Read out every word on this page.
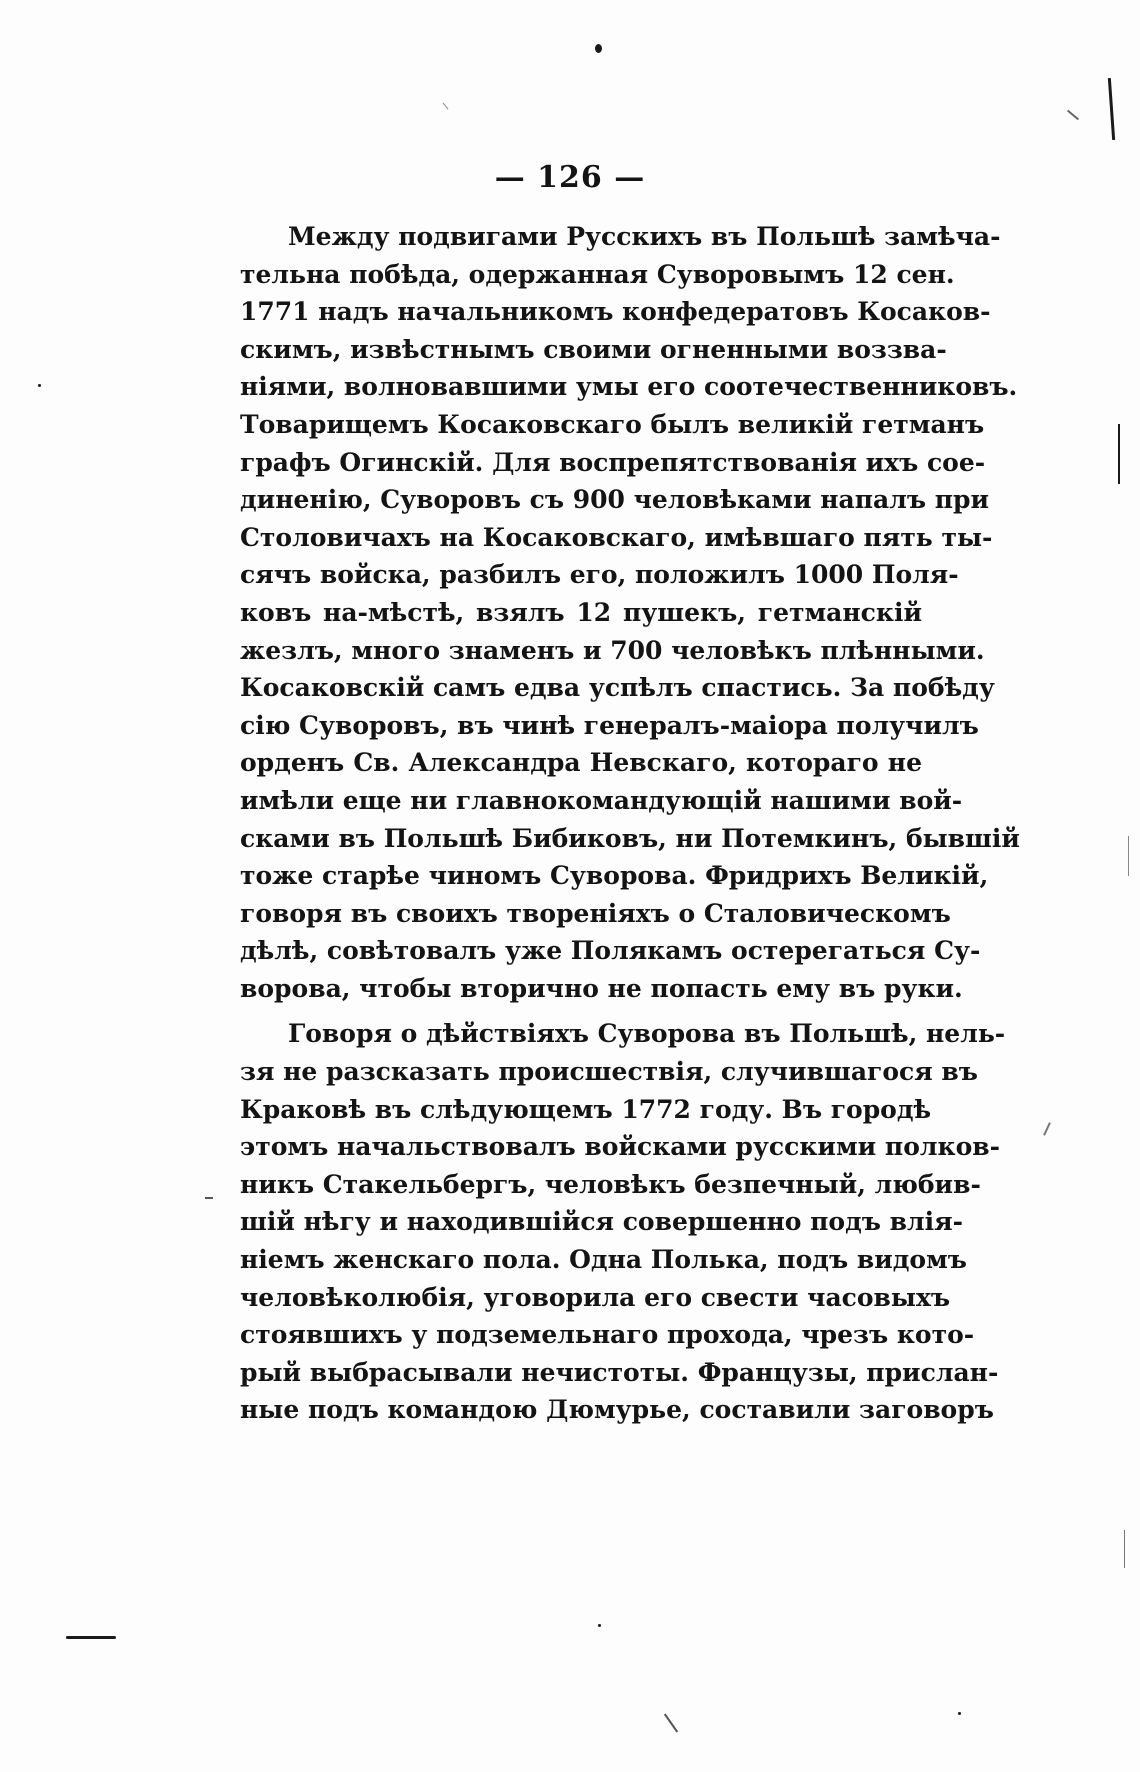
— 126 —
Между подвигами Русскихъ въ Польшѣ замѣча-
тельна побѣда, одержанная Суворовымъ 12 сен.
1771 надъ начальникомъ конфедератовъ Косаков-
скимъ, извѣстнымъ своими огненными воззва-
ніями, волновавшими умы его соотечественниковъ.
Товарищемъ Косаковскаго былъ великій гетманъ
графъ Огинскій. Для воспрепятствованія ихъ сое-
диненію, Суворовъ съ 900 человѣками напалъ при
Столовичахъ на Косаковскаго, имѣвшаго пять ты-
сячъ войска, разбилъ его, положилъ 1000 Поля-
ковъ на-мѣстѣ, взялъ 12 пушекъ, гетманскій
жезлъ, много знаменъ и 700 человѣкъ плѣнными.
Косаковскій самъ едва успѣлъ спастись. За побѣду
сію Суворовъ, въ чинѣ генералъ-маіора получилъ
орденъ Св. Александра Невскаго, котораго не
имѣли еще ни главнокомандующій нашими вой-
сками въ Польшѣ Бибиковъ, ни Потемкинъ, бывшій
тоже старѣе чиномъ Суворова. Фридрихъ Великій,
говоря въ своихъ твореніяхъ о Сталовическомъ
дѣлѣ, совѣтовалъ уже Полякамъ остерегаться Су-
ворова, чтобы вторично не попасть ему въ руки.
Говоря о дѣйствіяхъ Суворова въ Польшѣ, нель-
зя не разсказать происшествія, случившагося въ
Краковѣ въ слѣдующемъ 1772 году. Въ городѣ
этомъ начальствовалъ войсками русскими полков-
никъ Стакельбергъ, человѣкъ безпечный, любив-
шій нѣгу и находившійся совершенно подъ влія-
ніемъ женскаго пола. Одна Полька, подъ видомъ
человѣколюбія, уговорила его свести часовыхъ
стоявшихъ у подземельнаго прохода, чрезъ кото-
рый выбрасывали нечистоты. Французы, прислан-
ные подъ командою Дюмурье, составили заговоръ
